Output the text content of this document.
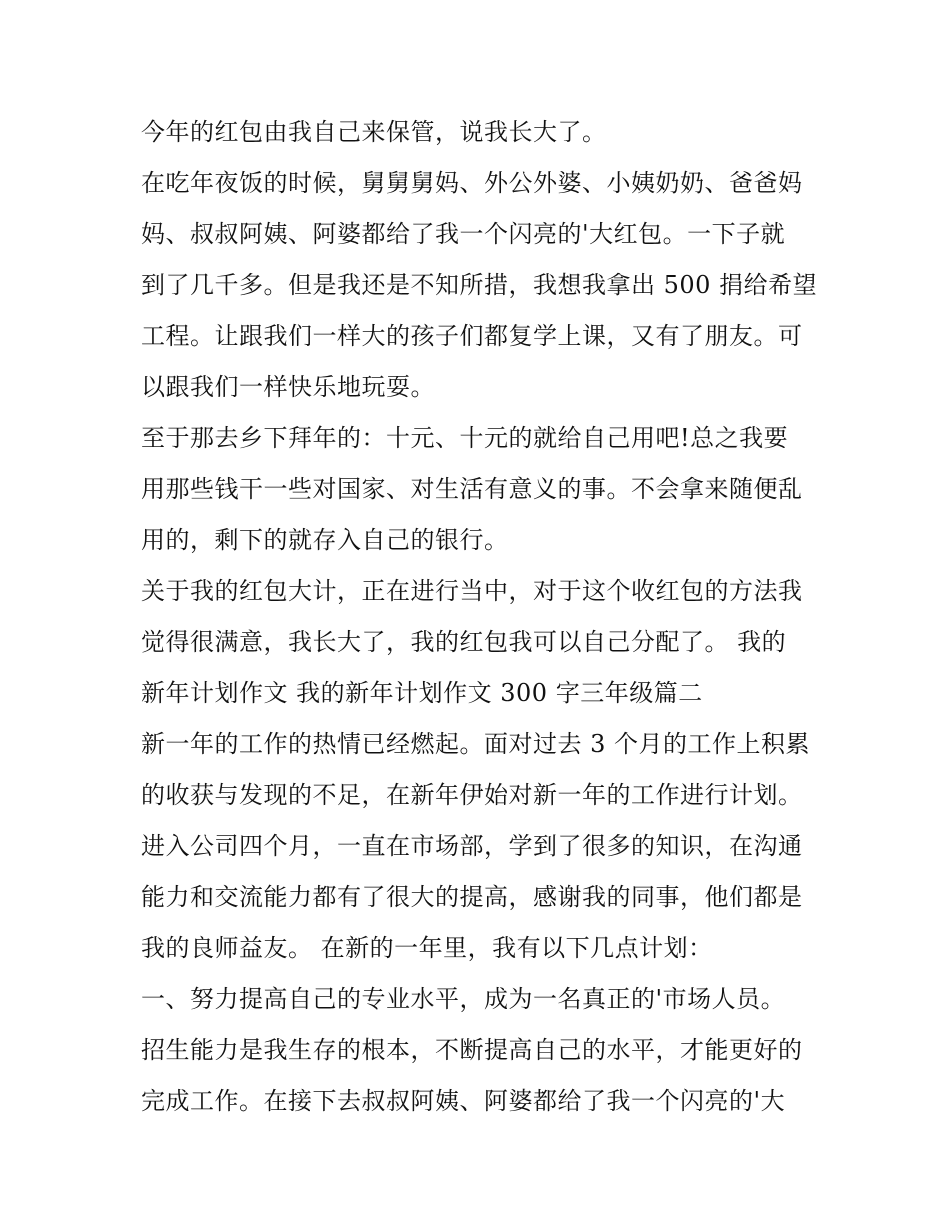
今年的红包由我自己来保管，说我长大了。
在吃年夜饭的时候，舅舅舅妈、外公外婆、小姨奶奶、爸爸妈
妈、叔叔阿姨、阿婆都给了我一个闪亮的'大红包。一下子就
到了几千多。但是我还是不知所措，我想我拿出 500 捐给希望
工程。让跟我们一样大的孩子们都复学上课，又有了朋友。可
以跟我们一样快乐地玩耍。
至于那去乡下拜年的：十元、十元的就给自己用吧!总之我要
用那些钱干一些对国家、对生活有意义的事。不会拿来随便乱
用的，剩下的就存入自己的银行。
关于我的红包大计，正在进行当中，对于这个收红包的方法我
觉得很满意，我长大了，我的红包我可以自己分配了。 我的
新年计划作文 我的新年计划作文 300 字三年级篇二
新一年的工作的热情已经燃起。面对过去 3 个月的工作上积累
的收获与发现的不足，在新年伊始对新一年的工作进行计划。
进入公司四个月，一直在市场部，学到了很多的知识，在沟通
能力和交流能力都有了很大的提高，感谢我的同事，他们都是
我的良师益友。 在新的一年里，我有以下几点计划：
一、努力提高自己的专业水平，成为一名真正的'市场人员。
招生能力是我生存的根本，不断提高自己的水平，才能更好的
完成工作。在接下去叔叔阿姨、阿婆都给了我一个闪亮的'大
